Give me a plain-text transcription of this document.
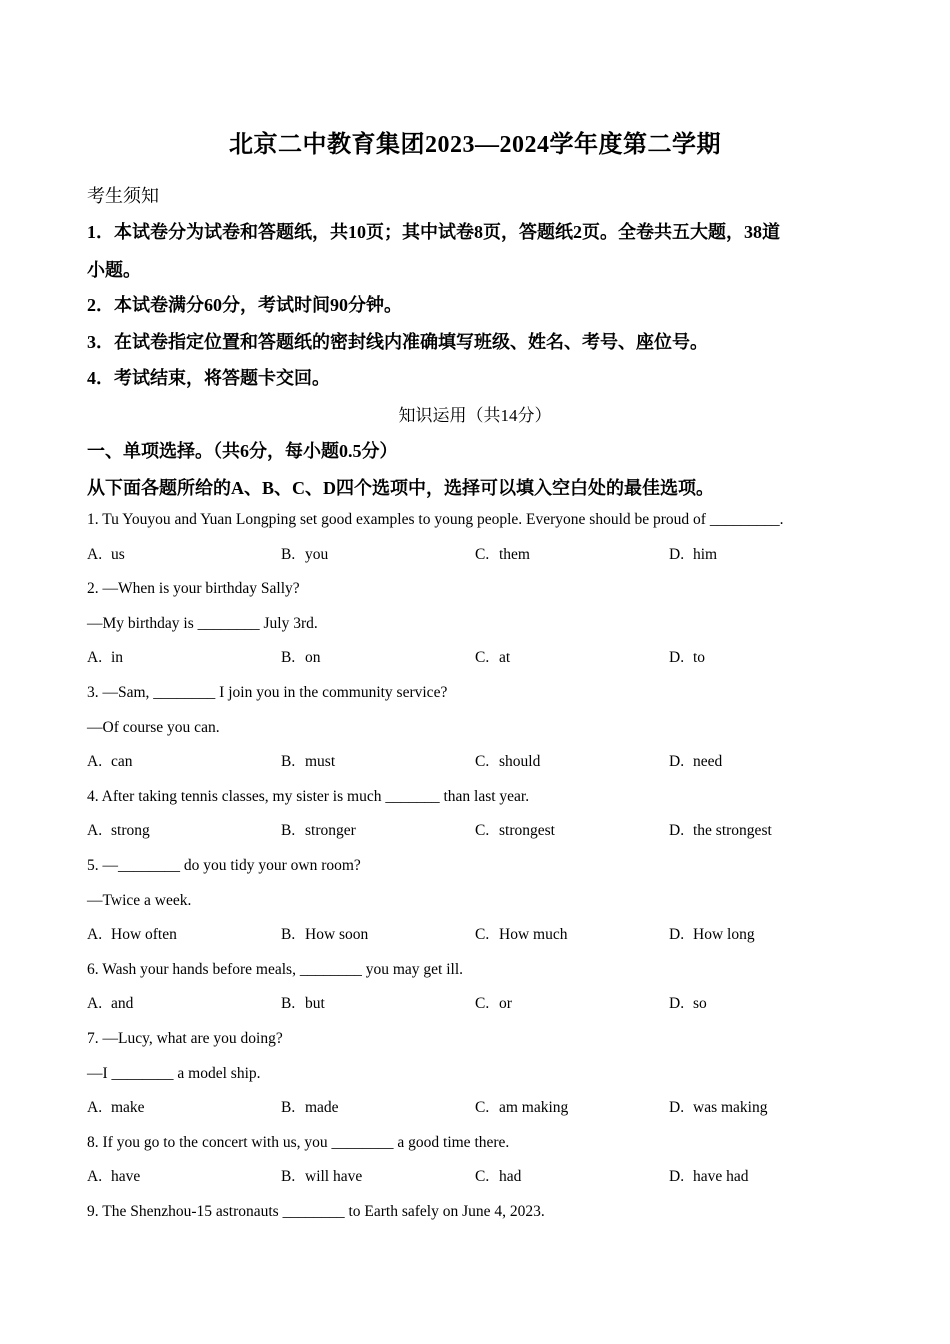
北京二中教育集团2023—2024学年度第二学期
考生须知
1．本试卷分为试卷和答题纸，共10页；其中试卷8页，答题纸2页。全卷共五大题，38道
小题。
2．本试卷满分60分，考试时间90分钟。
3．在试卷指定位置和答题纸的密封线内准确填写班级、姓名、考号、座位号。
4．考试结束，将答题卡交回。
知识运用（共14分）
一、单项选择。（共6分，每小题0.5分）
从下面各题所给的A、B、C、D四个选项中，选择可以填入空白处的最佳选项。
1. Tu Youyou and Yuan Longping set good examples to young people. Everyone should be proud of _________.
A. us	B. you	C. them	D. him
2. —When is your birthday Sally?
—My birthday is ________ July 3rd.
A. in	B. on	C. at	D. to
3. —Sam, ________ I join you in the community service?
—Of course you can.
A. can	B. must	C. should	D. need
4. After taking tennis classes, my sister is much _______ than last year.
A. strong	B. stronger	C. strongest	D. the strongest
5. —________ do you tidy your own room?
—Twice a week.
A. How often	B. How soon	C. How much	D. How long
6. Wash your hands before meals, ________ you may get ill.
A. and	B. but	C. or	D. so
7. —Lucy, what are you doing?
—I ________ a model ship.
A. make	B. made	C. am making	D. was making
8. If you go to the concert with us, you ________ a good time there.
A. have	B. will have	C. had	D. have had
9. The Shenzhou-15 astronauts ________ to Earth safely on June 4, 2023.
